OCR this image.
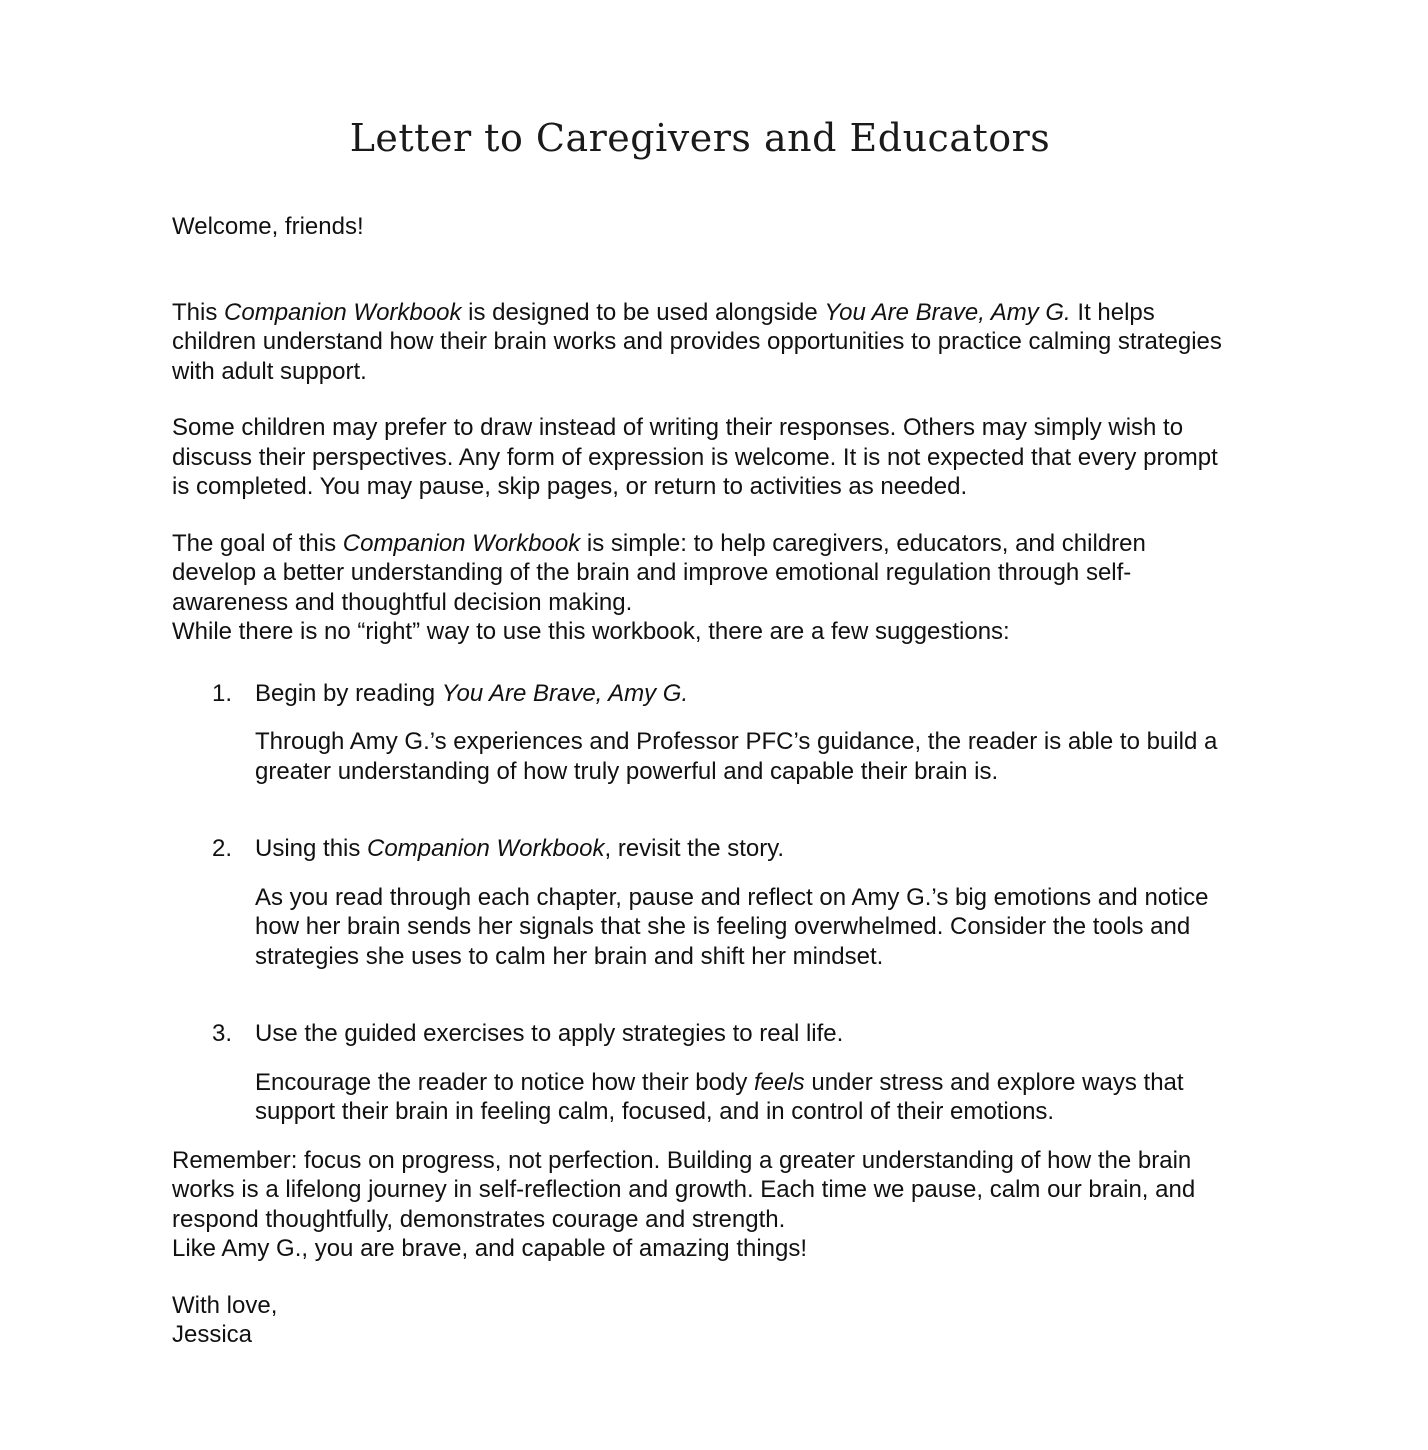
Letter to Caregivers and Educators

Welcome, friends!

This Companion Workbook is designed to be used alongside You Are Brave, Amy G. It helps children understand how their brain works and provides opportunities to practice calming strategies with adult support.

Some children may prefer to draw instead of writing their responses. Others may simply wish to discuss their perspectives. Any form of expression is welcome. It is not expected that every prompt is completed. You may pause, skip pages, or return to activities as needed.

The goal of this Companion Workbook is simple: to help caregivers, educators, and children develop a better understanding of the brain and improve emotional regulation through self-awareness and thoughtful decision making.

While there is no “right” way to use this workbook, there are a few suggestions:

1. Begin by reading You Are Brave, Amy G.

Through Amy G.’s experiences and Professor PFC’s guidance, the reader is able to build a greater understanding of how truly powerful and capable their brain is.

2. Using this Companion Workbook, revisit the story.

As you read through each chapter, pause and reflect on Amy G.’s big emotions and notice how her brain sends her signals that she is feeling overwhelmed. Consider the tools and strategies she uses to calm her brain and shift her mindset.

3. Use the guided exercises to apply strategies to real life.

Encourage the reader to notice how their body feels under stress and explore ways that support their brain in feeling calm, focused, and in control of their emotions.

Remember: focus on progress, not perfection. Building a greater understanding of how the brain works is a lifelong journey in self-reflection and growth. Each time we pause, calm our brain, and respond thoughtfully, demonstrates courage and strength.

Like Amy G., you are brave, and capable of amazing things!

With love,

Jessica
